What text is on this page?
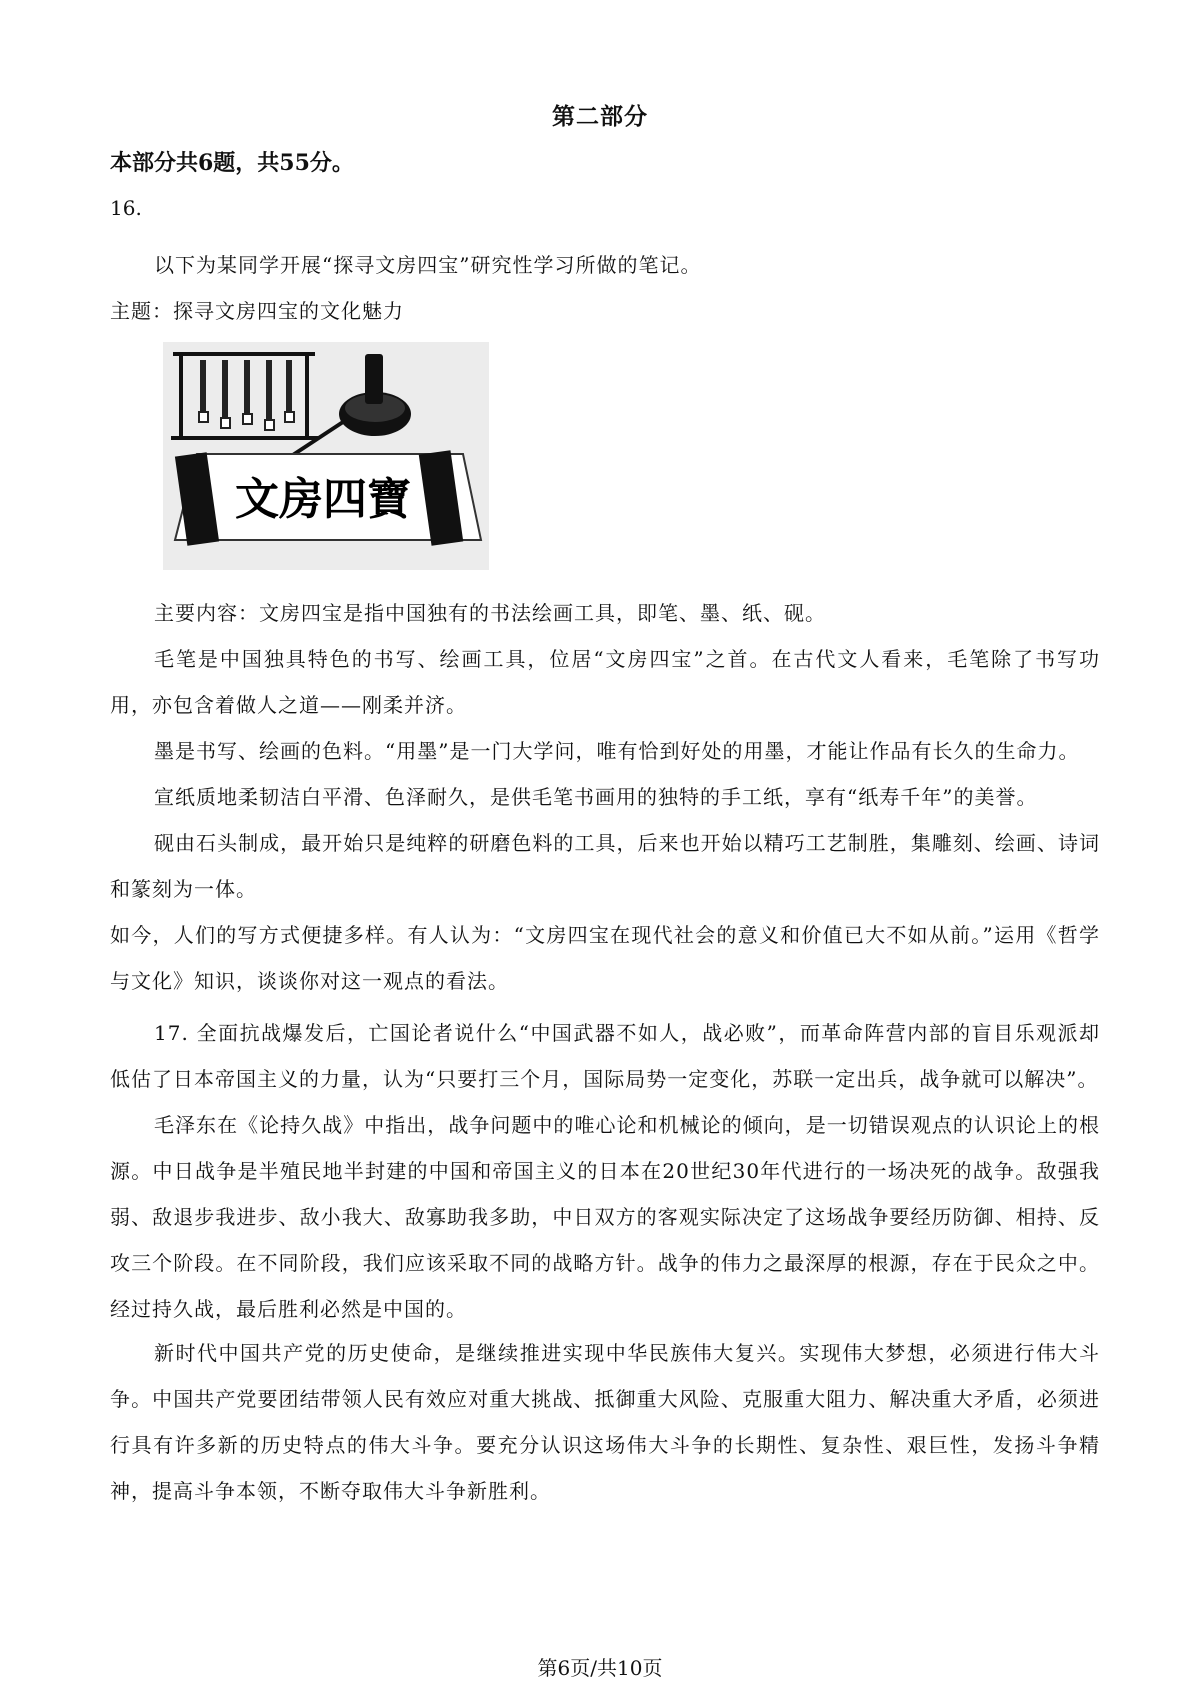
第二部分
本部分共6题，共55分。
16.
以下为某同学开展“探寻文房四宝”研究性学习所做的笔记。
主题：探寻文房四宝的文化魅力
文房四寶
主要内容：文房四宝是指中国独有的书法绘画工具，即笔、墨、纸、砚。
毛笔是中国独具特色的书写、绘画工具，位居“文房四宝”之首。在古代文人看来，毛笔除了书写功用，亦包含着做人之道——刚柔并济。
墨是书写、绘画的色料。“用墨”是一门大学问，唯有恰到好处的用墨，才能让作品有长久的生命力。
宣纸质地柔韧洁白平滑、色泽耐久，是供毛笔书画用的独特的手工纸，享有“纸寿千年”的美誉。
砚由石头制成，最开始只是纯粹的研磨色料的工具，后来也开始以精巧工艺制胜，集雕刻、绘画、诗词和篆刻为一体。
如今，人们的写方式便捷多样。有人认为：“文房四宝在现代社会的意义和价值已大不如从前。”运用《哲学与文化》知识，谈谈你对这一观点的看法。
17. 全面抗战爆发后，亡国论者说什么“中国武器不如人，战必败”，而革命阵营内部的盲目乐观派却低估了日本帝国主义的力量，认为“只要打三个月，国际局势一定变化，苏联一定出兵，战争就可以解决”。
毛泽东在《论持久战》中指出，战争问题中的唯心论和机械论的倾向，是一切错误观点的认识论上的根源。中日战争是半殖民地半封建的中国和帝国主义的日本在20世纪30年代进行的一场决死的战争。敌强我弱、敌退步我进步、敌小我大、敌寡助我多助，中日双方的客观实际决定了这场战争要经历防御、相持、反攻三个阶段。在不同阶段，我们应该采取不同的战略方针。战争的伟力之最深厚的根源，存在于民众之中。经过持久战，最后胜利必然是中国的。
新时代中国共产党的历史使命，是继续推进实现中华民族伟大复兴。实现伟大梦想，必须进行伟大斗争。中国共产党要团结带领人民有效应对重大挑战、抵御重大风险、克服重大阻力、解决重大矛盾，必须进行具有许多新的历史特点的伟大斗争。要充分认识这场伟大斗争的长期性、复杂性、艰巨性，发扬斗争精神，提高斗争本领，不断夺取伟大斗争新胜利。
第6页/共10页
